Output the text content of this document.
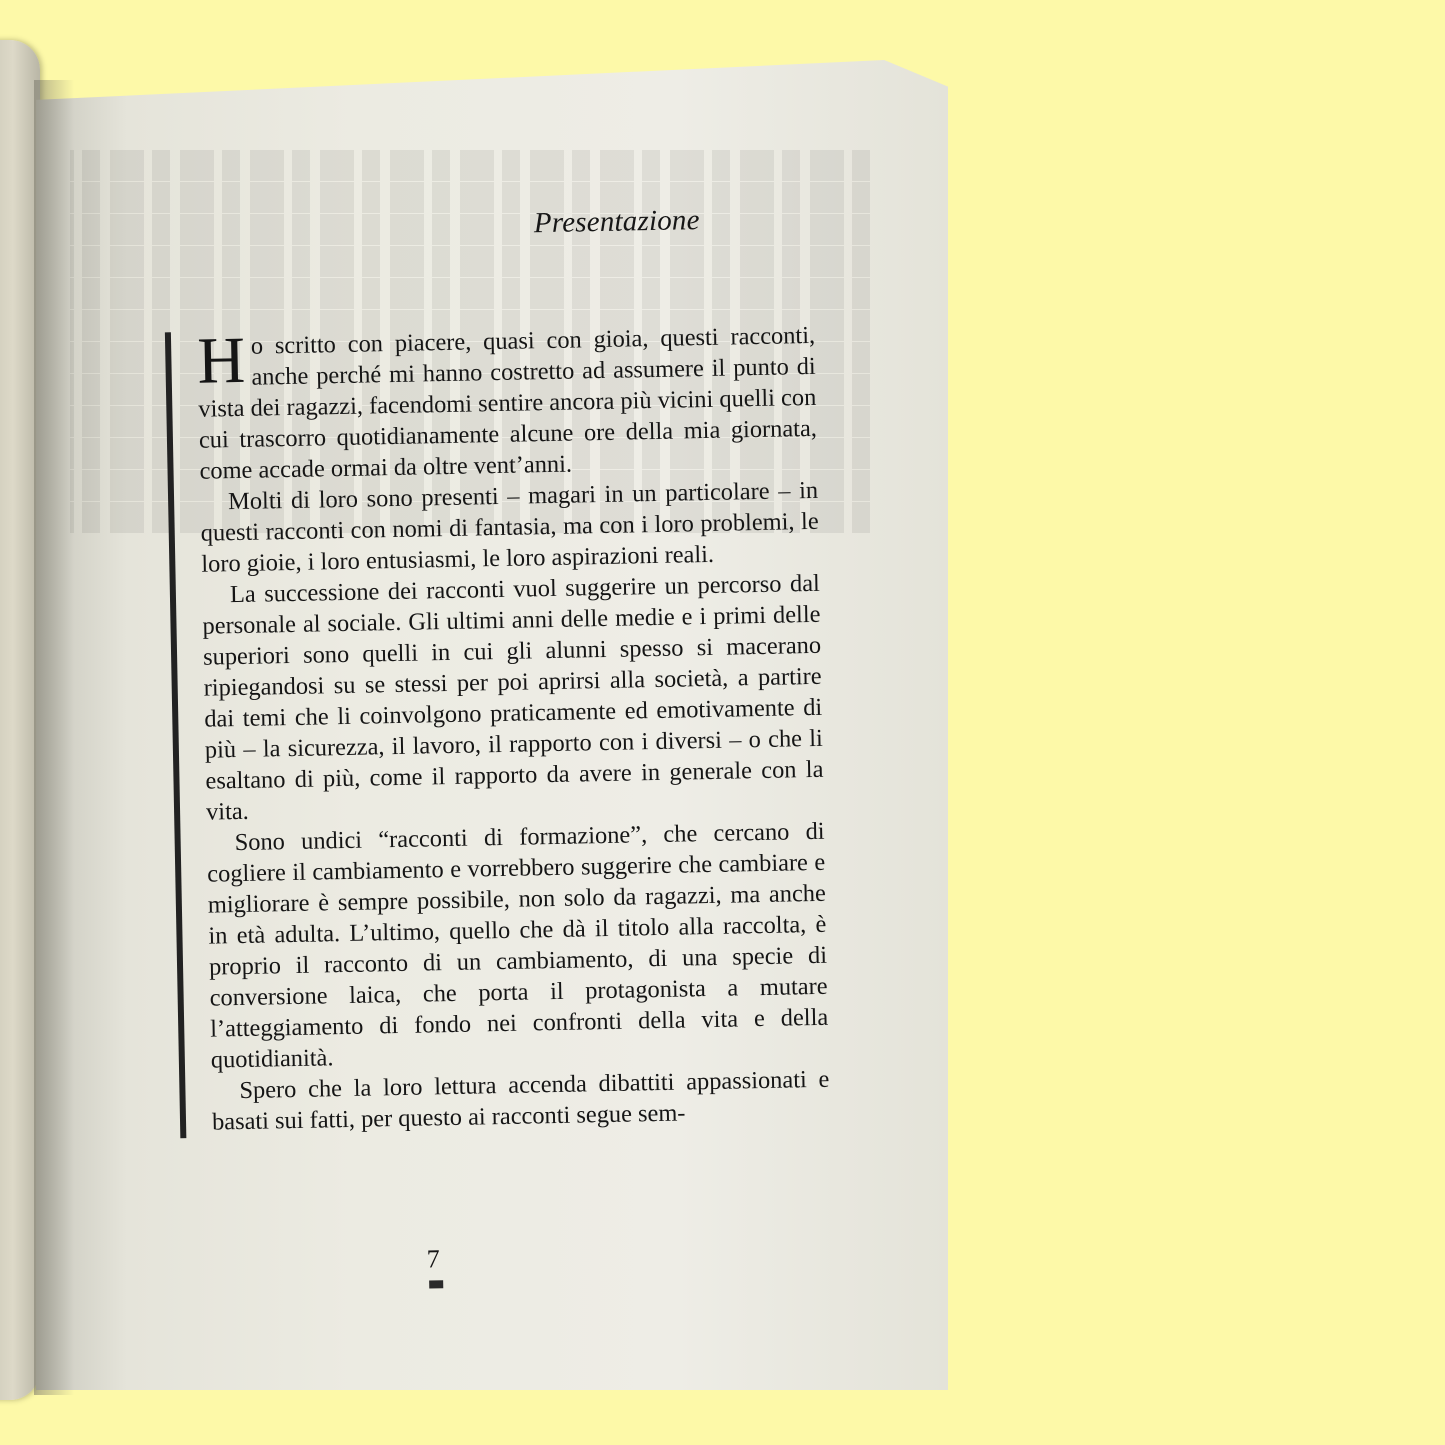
Presentazione

Ho scritto con piacere, quasi con gioia, questi racconti, anche perché mi hanno costretto ad assumere il punto di vista dei ragazzi, facendomi sentire ancora più vicini quelli con cui trascorro quotidianamente alcune ore della mia giornata, come accade ormai da oltre vent’anni.

Molti di loro sono presenti – magari in un particolare – in questi racconti con nomi di fantasia, ma con i loro problemi, le loro gioie, i loro entusiasmi, le loro aspirazioni reali.

La successione dei racconti vuol suggerire un percorso dal personale al sociale. Gli ultimi anni delle medie e i primi delle superiori sono quelli in cui gli alunni spesso si macerano ripiegandosi su se stessi per poi aprirsi alla società, a partire dai temi che li coinvolgono praticamente ed emotivamente di più – la sicurezza, il lavoro, il rapporto con i diversi – o che li esaltano di più, come il rapporto da avere in generale con la vita.

Sono undici “racconti di formazione”, che cercano di cogliere il cambiamento e vorrebbero suggerire che cambiare e migliorare è sempre possibile, non solo da ragazzi, ma anche in età adulta. L’ultimo, quello che dà il titolo alla raccolta, è proprio il racconto di un cambiamento, di una specie di conversione laica, che porta il protagonista a mutare l’atteggiamento di fondo nei confronti della vita e della quotidianità.

Spero che la loro lettura accenda dibattiti appassionati e basati sui fatti, per questo ai racconti segue sem-

7
